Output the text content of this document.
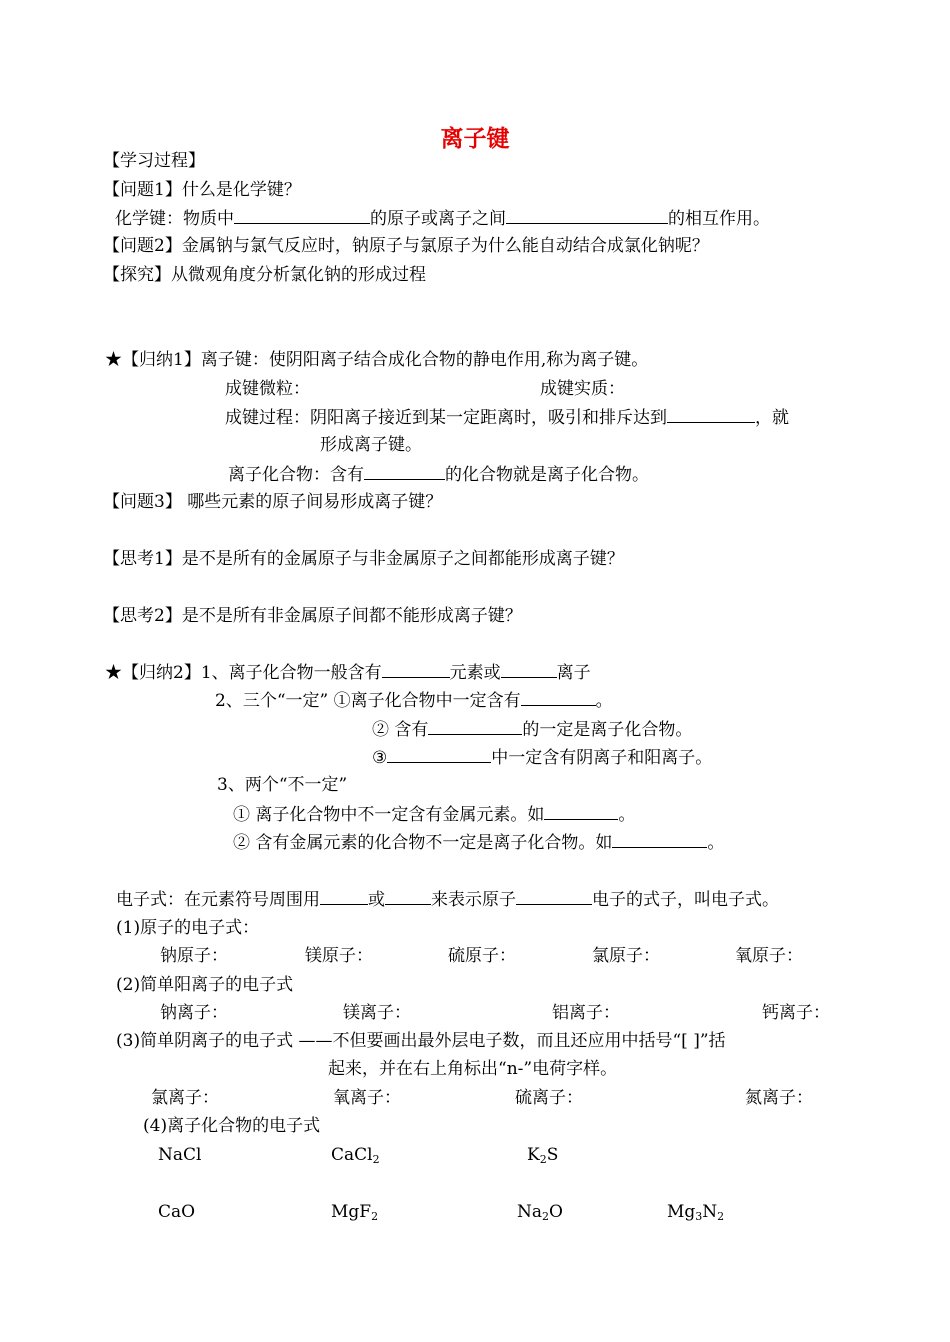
离子键
【学习过程】
【问题1】什么是化学键？
化学键：物质中	的原子或离子之间	的相互作用。
【问题2】金属钠与氯气反应时，钠原子与氯原子为什么能自动结合成氯化钠呢？
【探究】从微观角度分析氯化钠的形成过程
★【归纳1】离子键：使阴阳离子结合成化合物的静电作用,称为离子键。
成键微粒：	成键实质：
成键过程：阴阳离子接近到某一定距离时，吸引和排斥达到	，就
形成离子键。
离子化合物：含有	的化合物就是离子化合物。
【问题3】 哪些元素的原子间易形成离子键？
【思考1】是不是所有的金属原子与非金属原子之间都能形成离子键？
【思考2】是不是所有非金属原子间都不能形成离子键？
★【归纳2】1、离子化合物一般含有	元素或	离子
2、三个“一定” ①离子化合物中一定含有	。
② 含有	的一定是离子化合物。
③	中一定含有阴离子和阳离子。
3、两个“不一定”
① 离子化合物中不一定含有金属元素。如	。
② 含有金属元素的化合物不一定是离子化合物。如	。
电子式：在元素符号周围用	或	来表示原子	电子的式子，叫电子式。
(1)原子的电子式：
钠原子：	镁原子：	硫原子：	氯原子：	氧原子：
(2)简单阳离子的电子式
钠离子：	镁离子：	铝离子：	钙离子：
(3)简单阴离子的电子式 ——不但要画出最外层电子数，而且还应用中括号“[ ]”括
起来，并在右上角标出“n-”电荷字样。
氯离子：	氧离子：	硫离子：	氮离子：
(4)离子化合物的电子式
NaCl	CaCl$_2$	$K_2S$
CaO	MgF$_2$	$Na_2O$	$Mg_3N_2$
